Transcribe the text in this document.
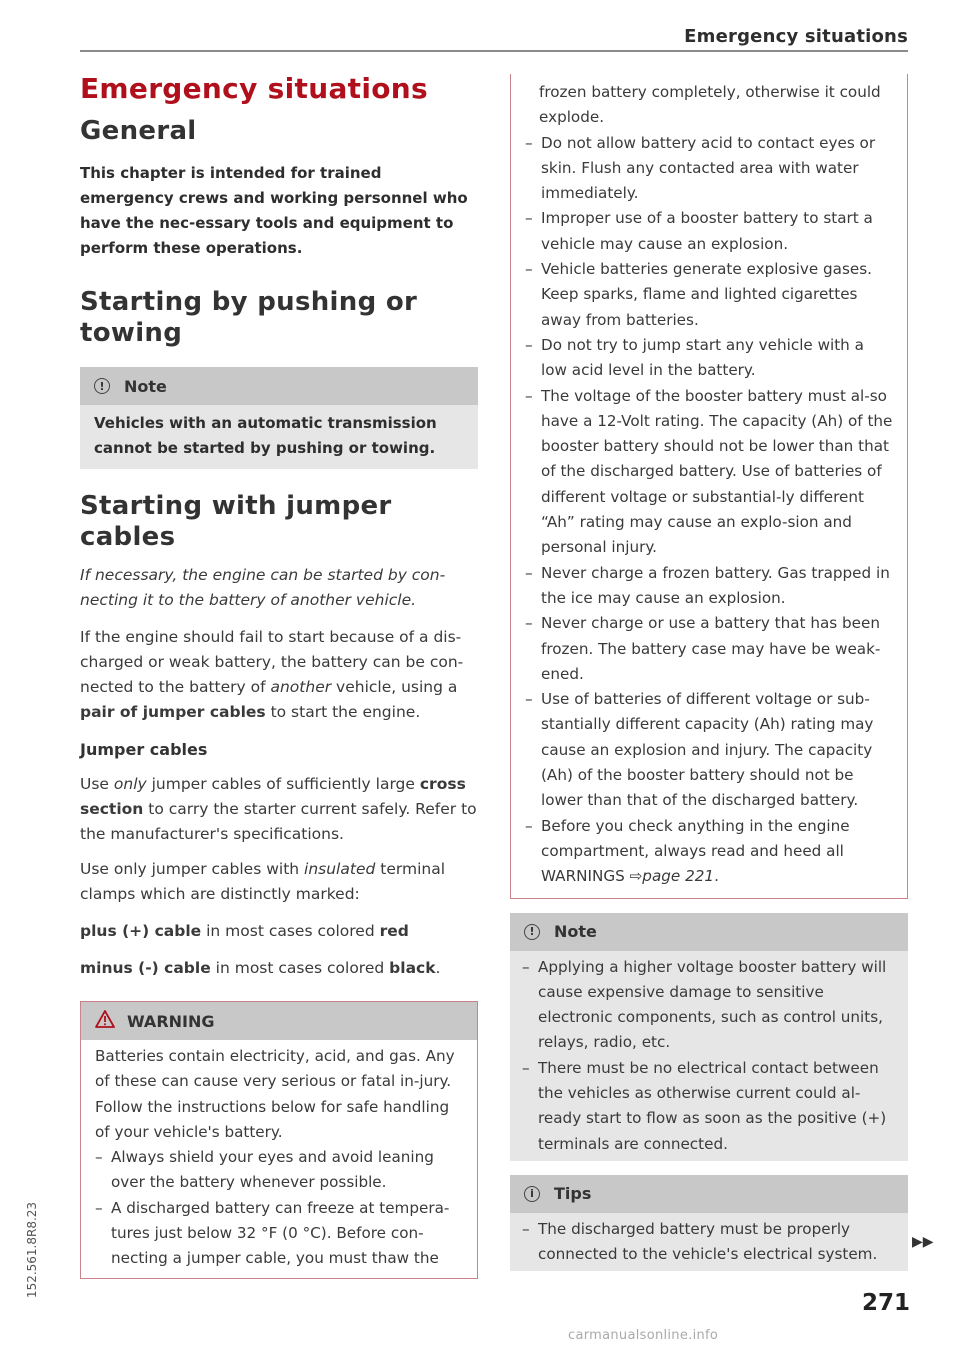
Emergency situations
Emergency situations
General
This chapter is intended for trained emergency crews and working personnel who have the nec-essary tools and equipment to perform these operations.
Starting by pushing or towing
!	Note
Vehicles with an automatic transmission cannot be started by pushing or towing.
Starting with jumper cables

If necessary, the engine can be started by con-necting it to the battery of another vehicle.

If the engine should fail to start because of a dis-charged or weak battery, the battery can be con-nected to the battery of another vehicle, using a pair of jumper cables to start the engine.

Jumper cables

Use only jumper cables of sufficiently large cross section to carry the starter current safely. Refer to the manufacturer's specifications.

Use only jumper cables with insulated terminal clamps which are distinctly marked:

plus (+) cable in most cases colored red

minus (-) cable in most cases colored black.

WARNING
Batteries contain electricity, acid, and gas. Any of these can cause very serious or fatal in-jury. Follow the instructions below for safe handling of your vehicle's battery.
– Always shield your eyes and avoid leaning over the battery whenever possible.
– A discharged battery can freeze at tempera-tures just below 32 °F (0 °C). Before con-necting a jumper cable, you must thaw the
frozen battery completely, otherwise it could explode.
– Do not allow battery acid to contact eyes or skin. Flush any contacted area with water immediately.
– Improper use of a booster battery to start a vehicle may cause an explosion.
– Vehicle batteries generate explosive gases. Keep sparks, flame and lighted cigarettes away from batteries.
– Do not try to jump start any vehicle with a low acid level in the battery.
– The voltage of the booster battery must al-so have a 12-Volt rating. The capacity (Ah) of the booster battery should not be lower than that of the discharged battery. Use of batteries of different voltage or substantial-ly different “Ah” rating may cause an explo-sion and personal injury.
– Never charge a frozen battery. Gas trapped in the ice may cause an explosion.
– Never charge or use a battery that has been frozen. The battery case may have be weak-ened.
– Use of batteries of different voltage or sub-stantially different capacity (Ah) rating may cause an explosion and injury. The capacity (Ah) of the booster battery should not be lower than that of the discharged battery.
– Before you check anything in the engine compartment, always read and heed all WARNINGS ⇨page 221.
!	Note
– Applying a higher voltage booster battery will cause expensive damage to sensitive electronic components, such as control units, relays, radio, etc.
– There must be no electrical contact between the vehicles as otherwise current could al-ready start to flow as soon as the positive (+) terminals are connected.
i	Tips
– The discharged battery must be properly connected to the vehicle's electrical system.
▶▶
152.561.8R8.23
271
carmanualsonline.info
